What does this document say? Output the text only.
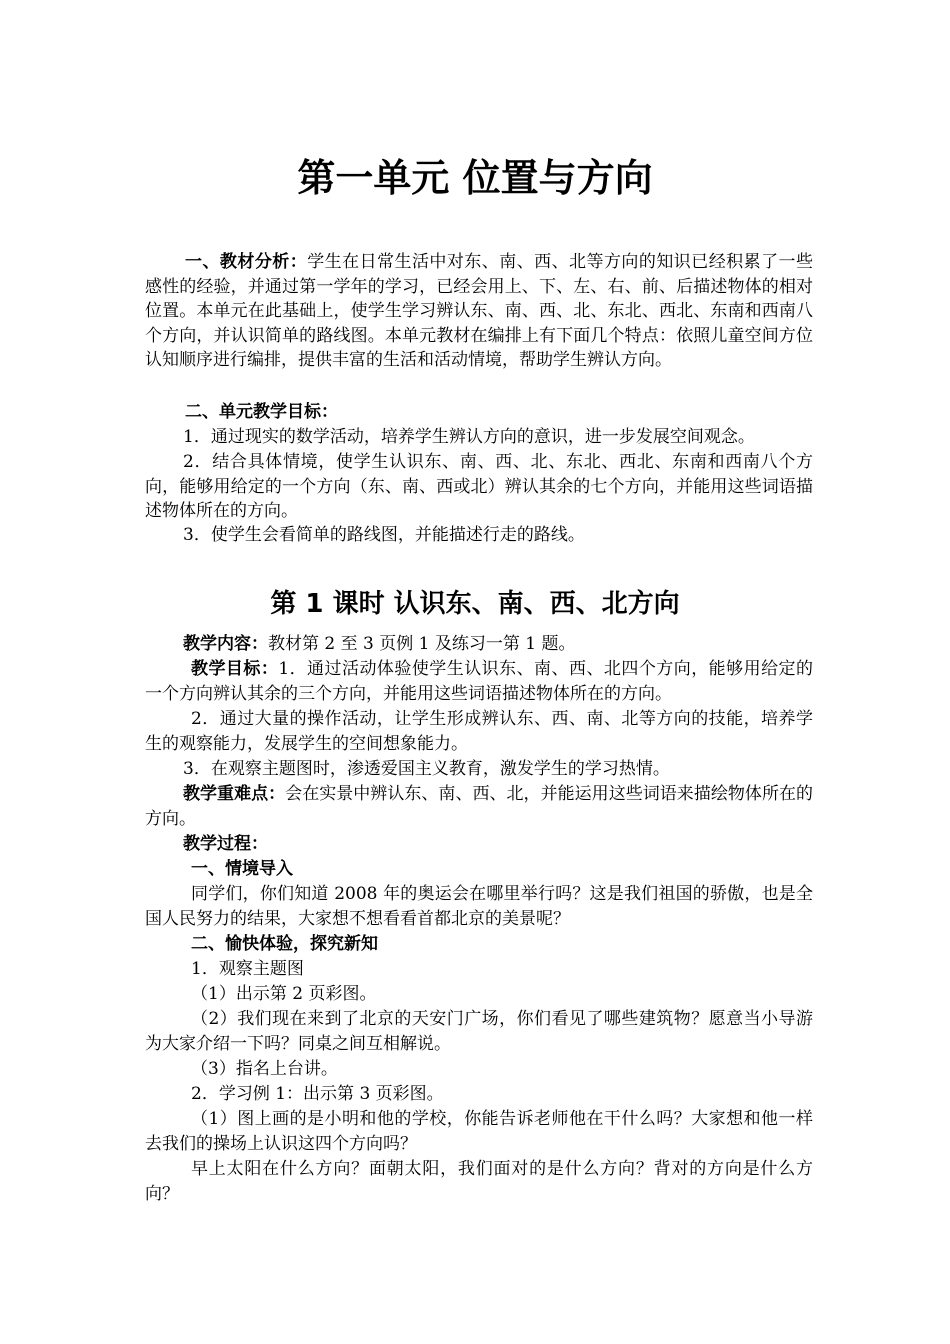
第一单元 位置与方向

一、教材分析：学生在日常生活中对东、南、西、北等方向的知识已经积累了一些感性的经验，并通过第一学年的学习，已经会用上、下、左、右、前、后描述物体的相对位置。本单元在此基础上，使学生学习辨认东、南、西、北、东北、西北、东南和西南八个方向，并认识简单的路线图。本单元教材在编排上有下面几个特点：依照儿童空间方位认知顺序进行编排，提供丰富的生活和活动情境，帮助学生辨认方向。

二、单元教学目标：

1．通过现实的数学活动，培养学生辨认方向的意识，进一步发展空间观念。

2．结合具体情境，使学生认识东、南、西、北、东北、西北、东南和西南八个方向，能够用给定的一个方向（东、南、西或北）辨认其余的七个方向，并能用这些词语描述物体所在的方向。

3．使学生会看简单的路线图，并能描述行走的路线。

第 1 课时 认识东、南、西、北方向

教学内容：教材第 2 至 3 页例 1 及练习一第 1 题。

教学目标：1．通过活动体验使学生认识东、南、西、北四个方向，能够用给定的一个方向辨认其余的三个方向，并能用这些词语描述物体所在的方向。

2．通过大量的操作活动，让学生形成辨认东、西、南、北等方向的技能，培养学生的观察能力，发展学生的空间想象能力。

3．在观察主题图时，渗透爱国主义教育，激发学生的学习热情。

教学重难点：会在实景中辨认东、南、西、北，并能运用这些词语来描绘物体所在的方向。

教学过程：

一、情境导入

同学们，你们知道 2008 年的奥运会在哪里举行吗？这是我们祖国的骄傲，也是全国人民努力的结果，大家想不想看看首都北京的美景呢？

二、愉快体验，探究新知

1．观察主题图

（1）出示第 2 页彩图。

（2）我们现在来到了北京的天安门广场，你们看见了哪些建筑物？愿意当小导游为大家介绍一下吗？同桌之间互相解说。

（3）指名上台讲。

2．学习例 1：出示第 3 页彩图。

（1）图上画的是小明和他的学校，你能告诉老师他在干什么吗？大家想和他一样去我们的操场上认识这四个方向吗？

早上太阳在什么方向？面朝太阳，我们面对的是什么方向？背对的方向是什么方向？
